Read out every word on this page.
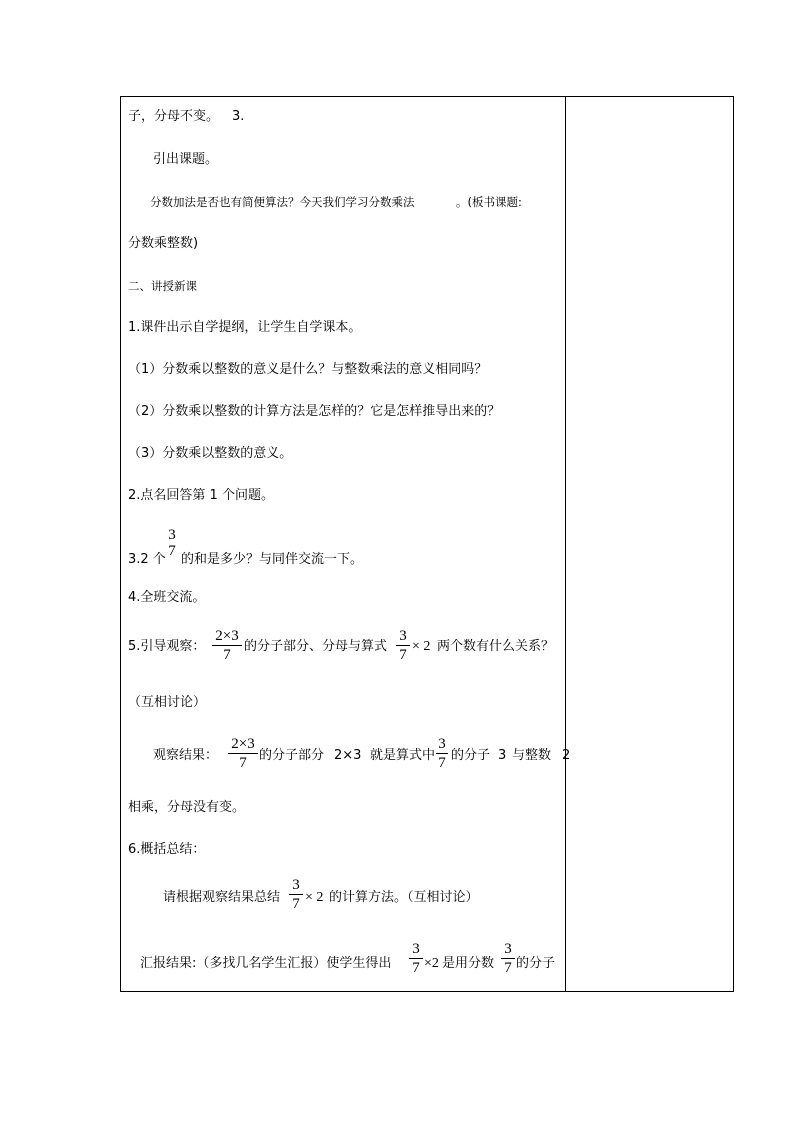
子，分母不变。 3.
引出课题。
分数加法是否也有简便算法？今天我们学习分数乘法	。(板书课题:
分数乘整数)
二、讲授新课
1.课件出示自学提纲，让学生自学课本。
（1）分数乘以整数的意义是什么？与整数乘法的意义相同吗？
（2）分数乘以整数的计算方法是怎样的？它是怎样推导出来的？
（3）分数乘以整数的意义。
2.点名回答第 1 个问题。
3.2 个
3
7
的和是多少？与同伴交流一下。
4.全班交流。
5.引导观察：
2×3
7
的分子部分、分母与算式
3
7
× 2 两个数有什么关系？
（互相讨论）
观察结果：
2×3
7 的分子部分 2×3 就是算式中
3
7 的分子 3 与整数 2
相乘，分母没有变。
6.概括总结：
请根据观察结果总结
3
7 × 2 的计算方法。（互相讨论）
汇报结果:（多找几名学生汇报）使学生得出
3
7 ×2 是用分数
3
7 的分子
